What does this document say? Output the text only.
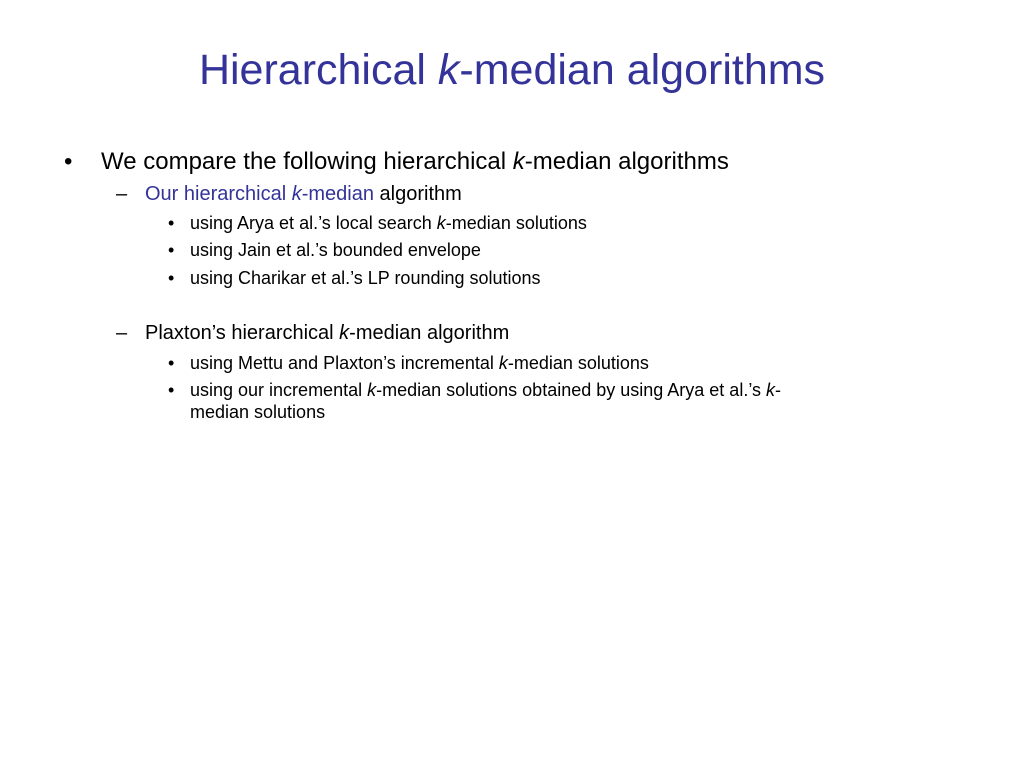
Hierarchical k-median algorithms
• We compare the following hierarchical k-median algorithms
– Our hierarchical k-median algorithm
• using Arya et al.’s local search k-median solutions
• using Jain et al.’s bounded envelope
• using Charikar et al.’s LP rounding solutions
– Plaxton’s hierarchical k-median algorithm
• using Mettu and Plaxton’s incremental k-median solutions
• using our incremental k-median solutions obtained by using Arya et al.’s k-
median solutions
